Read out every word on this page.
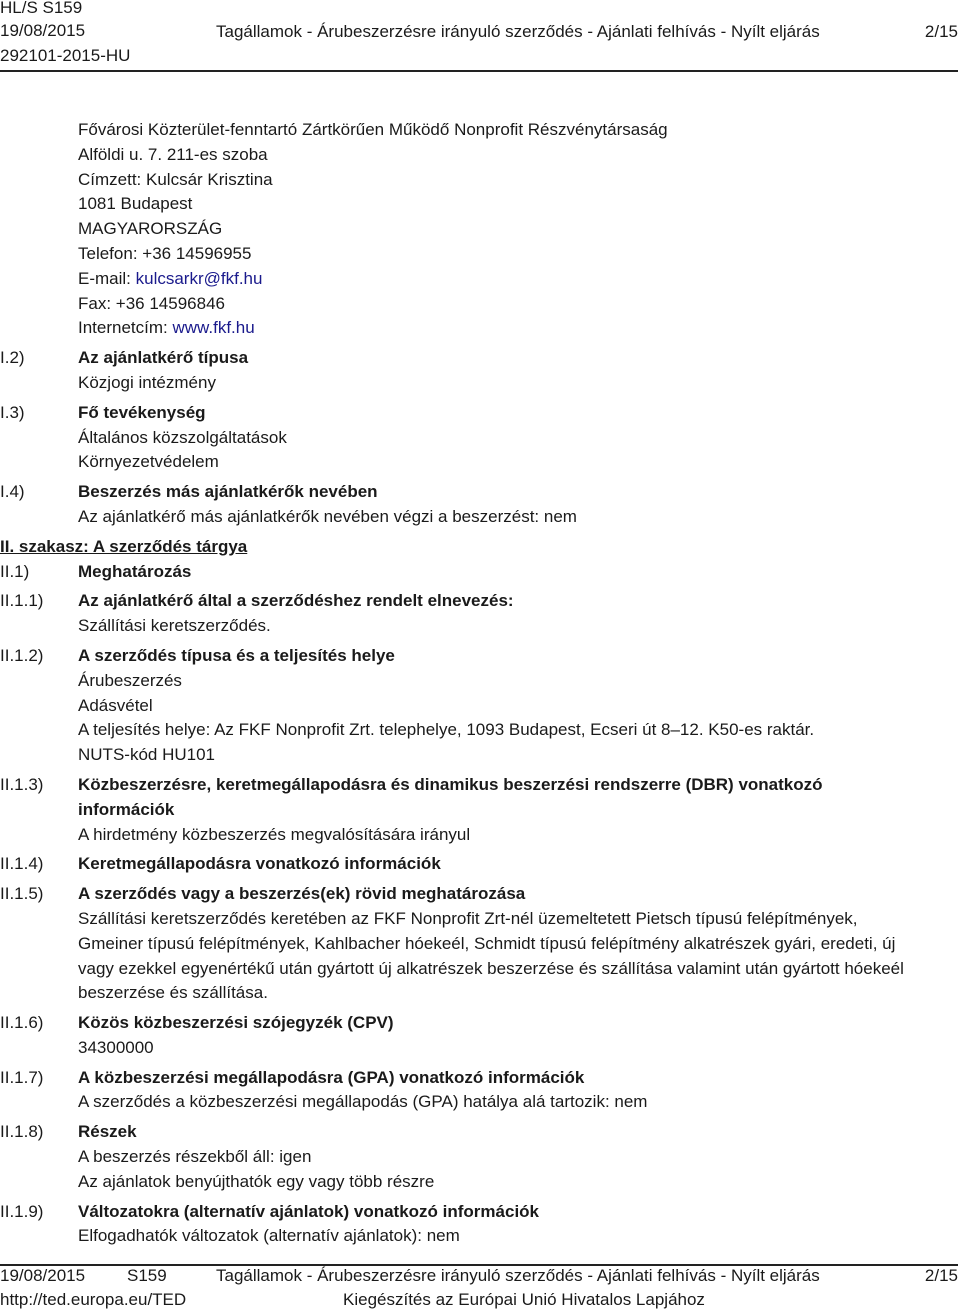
HL/S S159
19/08/2015
292101-2015-HU
Tagállamok - Árubeszerzésre irányuló szerződés - Ajánlati felhívás - Nyílt eljárás	2/15
Fővárosi Közterület-fenntartó Zártkörűen Működő Nonprofit Részvénytársaság
Alföldi u. 7. 211-es szoba
Címzett: Kulcsár Krisztina
1081 Budapest
MAGYARORSZÁG
Telefon: +36 14596955
E-mail: kulcsarkr@fkf.hu
Fax: +36 14596846
Internetcím: www.fkf.hu
I.2)	Az ajánlatkérő típusa
Közjogi intézmény
I.3)	Fő tevékenység
Általános közszolgáltatások
Környezetvédelem
I.4)	Beszerzés más ajánlatkérők nevében
Az ajánlatkérő más ajánlatkérők nevében végzi a beszerzést: nem
II. szakasz: A szerződés tárgya
II.1)	Meghatározás
II.1.1)	Az ajánlatkérő által a szerződéshez rendelt elnevezés:
Szállítási keretszerződés.
II.1.2)	A szerződés típusa és a teljesítés helye
Árubeszerzés
Adásvétel
A teljesítés helye: Az FKF Nonprofit Zrt. telephelye, 1093 Budapest, Ecseri út 8–12. K50-es raktár.
NUTS-kód HU101
II.1.3)	Közbeszerzésre, keretmegállapodásra és dinamikus beszerzési rendszerre (DBR) vonatkozó
információk
A hirdetmény közbeszerzés megvalósítására irányul
II.1.4)	Keretmegállapodásra vonatkozó információk
II.1.5)	A szerződés vagy a beszerzés(ek) rövid meghatározása
Szállítási keretszerződés keretében az FKF Nonprofit Zrt-nél üzemeltetett Pietsch típusú felépítmények,
Gmeiner típusú felépítmények, Kahlbacher hóekeél, Schmidt típusú felépítmény alkatrészek gyári, eredeti, új
vagy ezekkel egyenértékű után gyártott új alkatrészek beszerzése és szállítása valamint után gyártott hóekeél
beszerzése és szállítása.
II.1.6)	Közös közbeszerzési szójegyzék (CPV)
34300000
II.1.7)	A közbeszerzési megállapodásra (GPA) vonatkozó információk
A szerződés a közbeszerzési megállapodás (GPA) hatálya alá tartozik: nem
II.1.8)	Részek
A beszerzés részekből áll: igen
Az ajánlatok benyújthatók egy vagy több részre
II.1.9)	Változatokra (alternatív ajánlatok) vonatkozó információk
Elfogadhatók változatok (alternatív ajánlatok): nem
19/08/2015 S159	Tagállamok - Árubeszerzésre irányuló szerződés - Ajánlati felhívás - Nyílt eljárás	2/15
http://ted.europa.eu/TED	Kiegészítés az Európai Unió Hivatalos Lapjához
